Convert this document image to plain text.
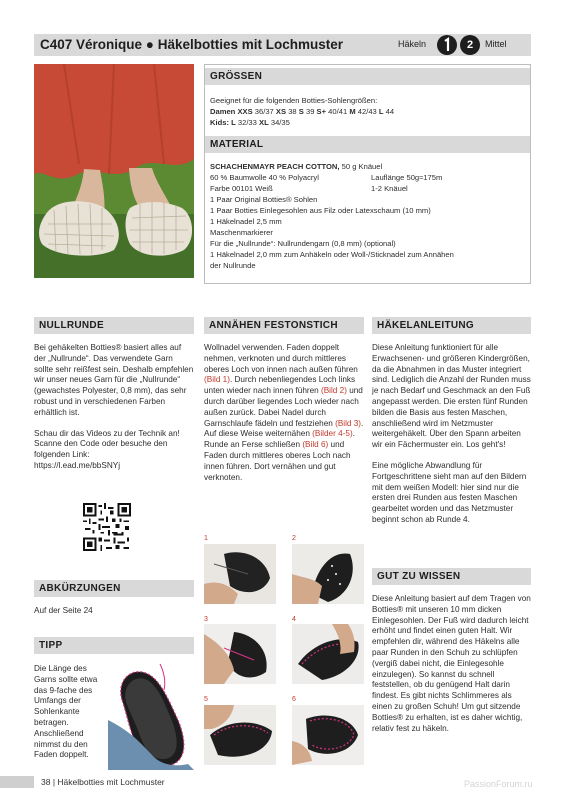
C407 Véronique ● Häkelbotties mit Lochmuster	Häkeln	2	Mittel
GRÖSSEN
Geeignet für die folgenden Botties-Sohlengrößen:
Damen XXS 36/37 XS 38 S 39 S+ 40/41 M 42/43 L 44
Kids: L 32/33 XL 34/35
MATERIAL
SCHACHENMAYR PEACH COTTON, 50 g Knäuel
60 % Baumwolle 40 % Polyacryl	Lauflänge 50g≈175m
Farbe 00101 Weiß	1-2 Knäuel
1 Paar Original Botties® Sohlen
1 Paar Botties Einlegesohlen aus Filz oder Latexschaum (10 mm)
1 Häkelnadel 2,5 mm
Maschenmarkierer
Für die „Nullrunde“: Nullrundengarn (0,8 mm) (optional)
1 Häkelnadel 2,0 mm zum Anhäkeln oder Woll-/Sticknadel zum Annähen
der Nullrunde
NULLRUNDE

Bei gehäkelten Botties® basiert alles auf der „Nullrunde“. Das verwendete Garn sollte sehr reißfest sein. Deshalb empfehlen wir unser neues Garn für die „Nullrunde“ (gewachstes Polyester, 0,8 mm), das sehr robust und in verschiedenen Farben erhältlich ist.

Schau dir das Videos zu der Technik an! Scanne den Code oder besuche den folgenden Link:

https://l.ead.me/bbSNYj
ABKÜRZUNGEN
Auf der Seite 24
TIPP
Die Länge des Garns sollte etwa das 9-fache des Umfangs der Sohlenkante betragen. Anschließend nimmst du den Faden doppelt.
ANNÄHEN FESTONSTICH
Wollnadel verwenden. Faden doppelt nehmen, verknoten und durch mittleres oberes Loch von innen nach außen führen (Bild 1). Durch nebenliegendes Loch links unten wieder nach innen führen (Bild 2) und durch darüber liegendes Loch wieder nach außen zurück. Dabei Nadel durch Garnschlaufe fädeln und festziehen (Bild 3). Auf diese Weise weiternähen (Bilder 4-5). Runde an Ferse schließen (Bild 6) und Faden durch mittleres oberes Loch nach innen führen. Dort vernähen und gut verknoten.
1	2
3	4
5	6
HÄKELANLEITUNG

Diese Anleitung funktioniert für alle Erwachsenen- und größeren Kindergrößen, da die Abnahmen in das Muster integriert sind. Lediglich die Anzahl der Runden muss je nach Bedarf und Geschmack an den Fuß angepasst werden. Die ersten fünf Runden bilden die Basis aus festen Maschen, anschließend wird im Netzmuster weitergehäkelt. Über den Spann arbeiten wir ein Fächermuster ein. Los geht's!

Eine mögliche Abwandlung für Fortgeschrittene sieht man auf den Bildern mit dem weißen Modell: hier sind nur die ersten drei Runden aus festen Maschen gearbeitet worden und das Netzmuster beginnt schon ab Runde 4.

GUT ZU WISSEN
Diese Anleitung basiert auf dem Tragen von Botties® mit unseren 10 mm dicken Einlegesohlen. Der Fuß wird dadurch leicht erhöht und findet einen guten Halt. Wir empfehlen dir, während des Häkelns alle paar Runden in den Schuh zu schlüpfen (vergiß dabei nicht, die Einlegesohle einzulegen). So kannst du schnell feststellen, ob du genügend Halt darin findest. Es gibt nichts Schlimmeres als einen zu großen Schuh! Um gut sitzende Botties® zu erhalten, ist es daher wichtig, relativ fest zu häkeln.
38 | Häkelbotties mit Lochmuster	PassionForum.ru
